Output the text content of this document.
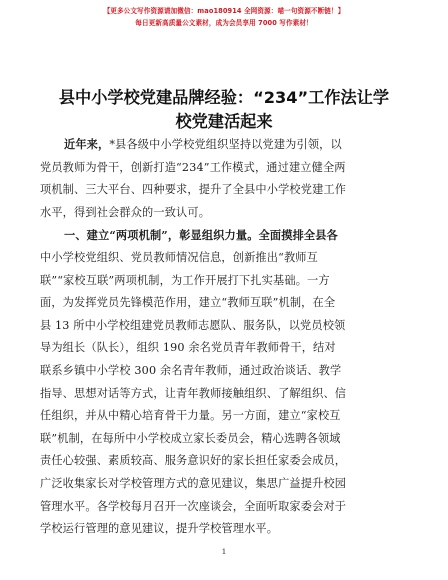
【更多公文写作资源请加微信：mao180914 全网资源：喵一句资源不断链！】
每日更新高质量公文素材，成为会员享用 7000 写作素材！
县中小学校党建品牌经验：“234”工作法让学
校党建活起来
近年来，*县各级中小学校党组织坚持以党建为引领，以
党员教师为骨干，创新打造“234”工作模式，通过建立健全两
项机制、三大平台、四种要求，提升了全县中小学校党建工作
水平，得到社会群众的一致认可。
一、建立“两项机制”，彰显组织力量。全面摸排全县各
中小学校党组织、党员教师情况信息，创新推出“教师互
联”“家校互联”两项机制，为工作开展打下扎实基础。一方
面，为发挥党员先锋模范作用，建立“教师互联”机制，在全
县 13 所中小学校组建党员教师志愿队、服务队，以党员校领
导为组长（队长），组织 190 余名党员青年教师骨干，结对
联系乡镇中小学校 300 余名青年教师，通过政治谈话、教学
指导、思想对话等方式，让青年教师接触组织、了解组织、信
任组织，并从中精心培育骨干力量。另一方面，建立“家校互
联”机制，在每所中小学校成立家长委员会，精心选聘各领域
责任心较强、素质较高、服务意识好的家长担任家委会成员，
广泛收集家长对学校管理方式的意见建议，集思广益提升校园
管理水平。各学校每月召开一次座谈会，全面听取家委会对于
学校运行管理的意见建议，提升学校管理水平。
1
